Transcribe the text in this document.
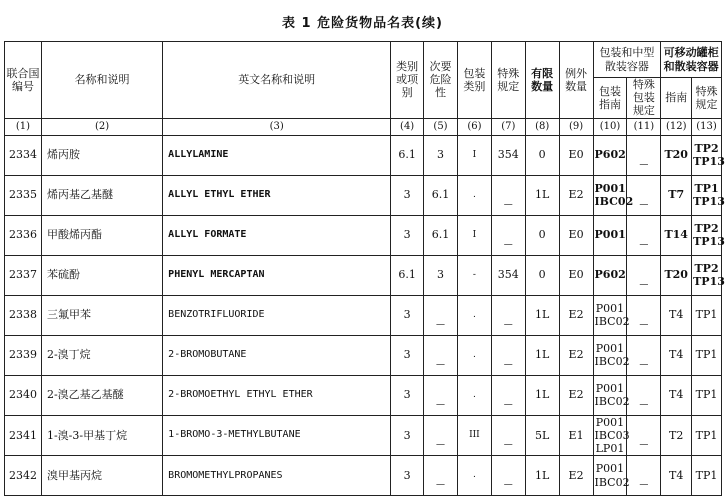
表 1 危险货物品名表(续)
联合国编号	名称和说明	英文名称和说明	类别或项别	次要危险性	包装类别	特殊规定	有限数量	例外数量	包装和中型散装容器		可移动罐柜和散装容器	
									包装指南	特殊包装规定	指南	特殊规定
(1)	(2)	(3)	(4)	(5)	(6)	(7)	(8)	(9)	(10)	(11)	(12)	(13)
2334	烯丙胺	ALLYLAMINE	6.1	3	I	354	0	E0	P602	—	T20	TP2
TP13
2335	烯丙基乙基醚	ALLYL ETHYL ETHER	3	6.1	.	—	1L	E2	P001
IBC02	—	T7	TP1
TP13
2336	甲酸烯丙酯	ALLYL FORMATE	3	6.1	I	—	0	E0	P001	—	T14	TP2
TP13
2337	苯硫酚	PHENYL MERCAPTAN	6.1	3	-	354	0	E0	P602	—	T20	TP2
TP13
2338	三氟甲苯	BENZOTRIFLUORIDE	3	—	.	—	1L	E2	P001
IBC02	—	T4	TP1
2339	2-溴丁烷	2-BROMOBUTANE	3	—	.	—	1L	E2	P001
IBC02	—	T4	TP1
2340	2-溴乙基乙基醚	2-BROMOETHYL ETHYL ETHER	3	—	.	—	1L	E2	P001
IBC02	—	T4	TP1
2341	1-溴-3-甲基丁烷	1-BROMO-3-METHYLBUTANE	3	—	III	—	5L	E1	P001
IBC03
LP01	—	T2	TP1
2342	溴甲基丙烷	BROMOMETHYLPROPANES	3	—	.	—	1L	E2	P001
IBC02	—	T4	TP1
